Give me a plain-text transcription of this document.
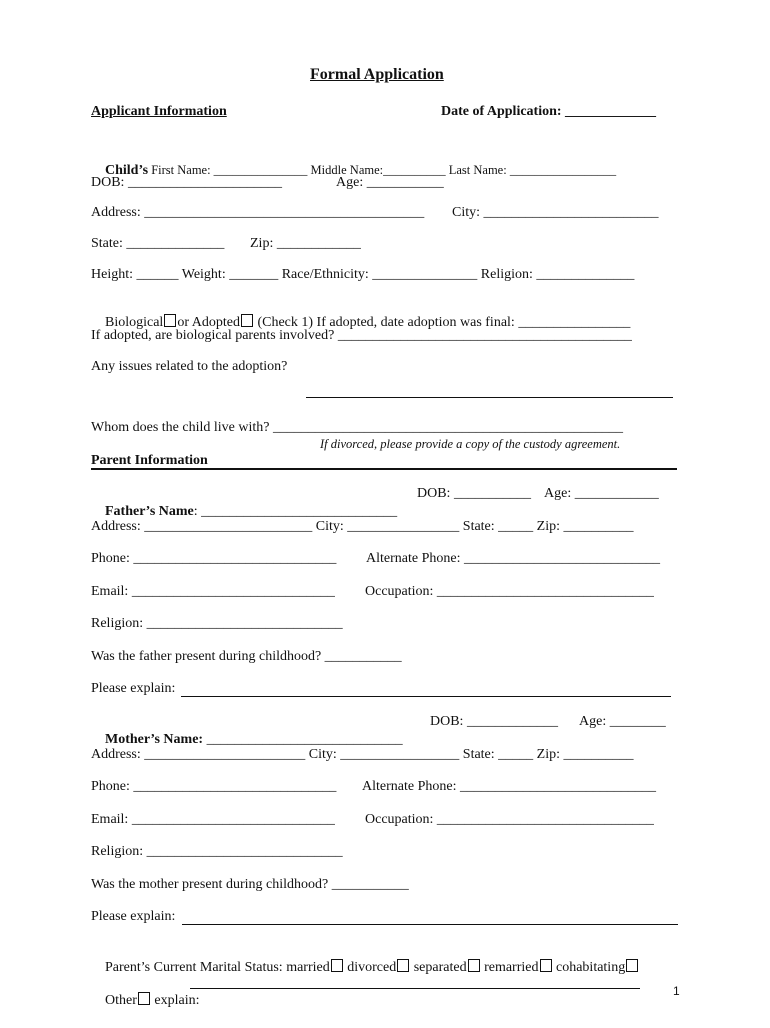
Formal Application
Applicant Information	Date of Application: _____________

Child’s First Name: _______________ Middle Name:__________ Last Name: _________________

DOB: ______________________	Age: ___________
Address: ________________________________________ City: _________________________
State: ______________ Zip: ____________
Height: ______ Weight: _______ Race/Ethnicity: _______________ Religion: ______________

Biological or Adopted (Check 1) If adopted, date adoption was final: ________________

If adopted, are biological parents involved? __________________________________________
Any issues related to the adoption?
Whom does the child live with? __________________________________________________
If divorced, please provide a copy of the custody agreement.
Parent Information

Father’s Name: ____________________________

DOB: ___________ Age: ____________
Address: ________________________ City: ________________ State: _____ Zip: __________
Phone: _____________________________ Alternate Phone: ____________________________
Email: _____________________________ Occupation: _______________________________
Religion: ____________________________
Was the father present during childhood? ___________
Please explain:

Mother’s Name: ____________________________

DOB: _____________ Age: ________
Address: _______________________ City: _________________ State: _____ Zip: __________
Phone: _____________________________ Alternate Phone: ____________________________
Email: _____________________________ Occupation: _______________________________
Religion: ____________________________
Was the mother present during childhood? ___________
Please explain:

Parent’s Current Marital Status: married divorced separated remarried cohabitating

Other explain:

1
